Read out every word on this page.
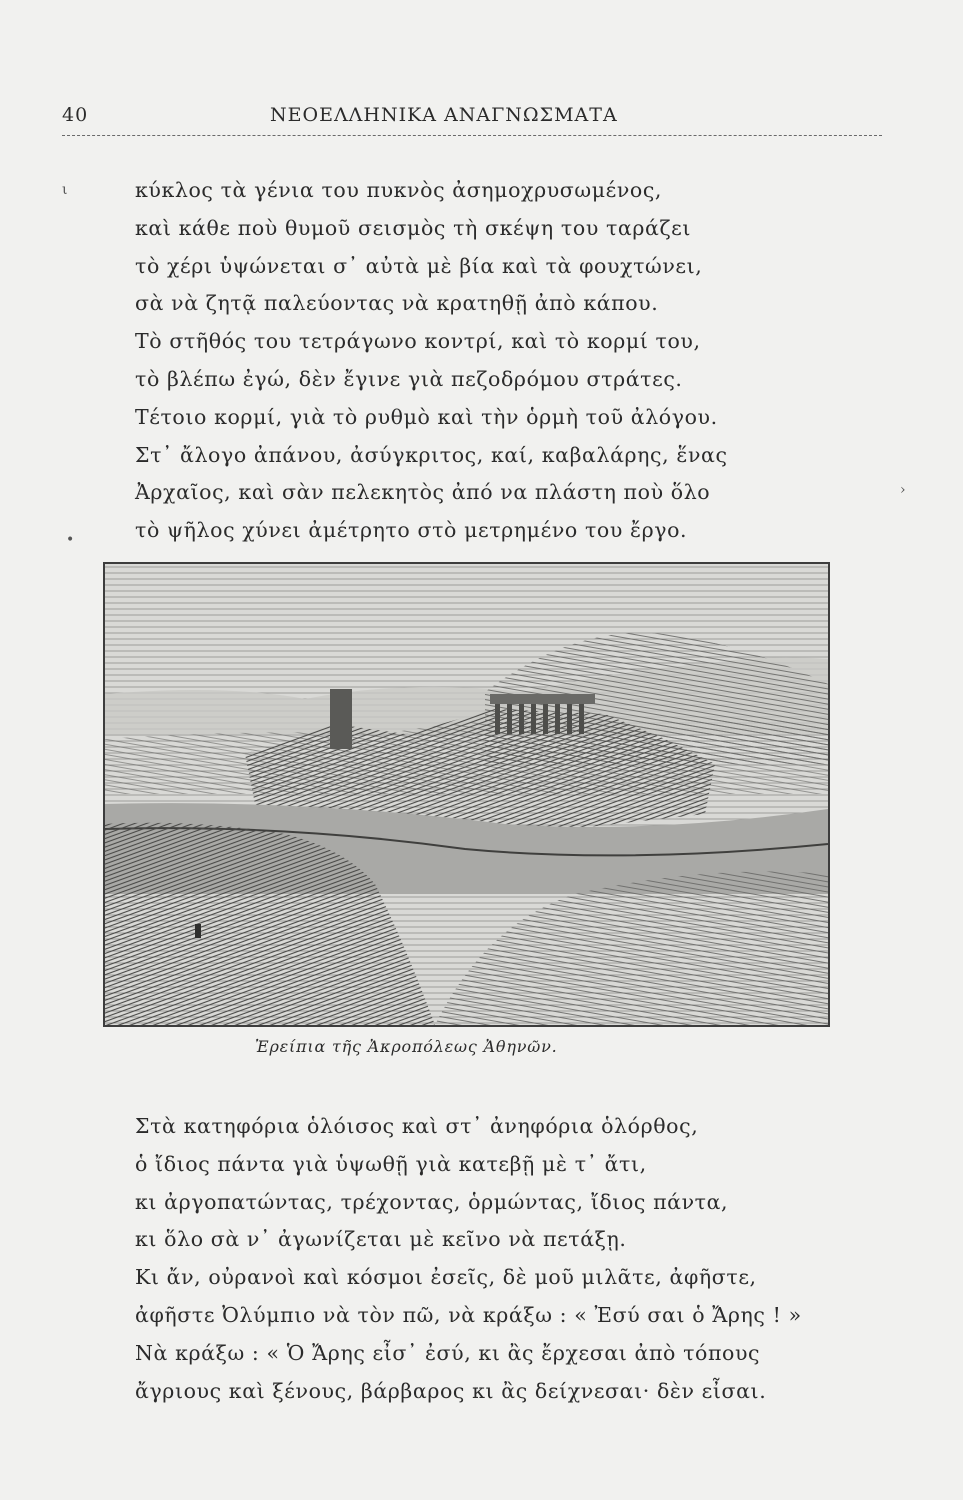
40	ΝΕΟΕΛΛΗΝΙΚΑ ΑΝΑΓΝΩΣΜΑΤΑ
ι
›
•
κύκλος τὰ γένια του πυκνὸς ἀσημοχρυσωμένος,
καὶ κάθε ποὺ θυμοῦ σεισμὸς τὴ σκέψη του ταράζει
τὸ χέρι ὑψώνεται σ᾽ αὐτὰ μὲ βία καὶ τὰ φουχτώνει,
σὰ νὰ ζητᾷ παλεύοντας νὰ κρατηθῇ ἀπὸ κάπου.
Τὸ στῆθός του τετράγωνο κοντρί, καὶ τὸ κορμί του,
τὸ βλέπω ἐγώ, δὲν ἔγινε γιὰ πεζοδρόμου στράτες.
Τέτοιο κορμί, γιὰ τὸ ρυθμὸ καὶ τὴν ὁρμὴ τοῦ ἀλόγου.
Στ᾽ ἄλογο ἀπάνου, ἀσύγκριτος, καί, καβαλάρης, ἕνας
Ἀρχαῖος, καὶ σὰν πελεκητὸς ἀπό να πλάστη ποὺ ὅλο
τὸ ψῆλος χύνει ἀμέτρητο στὸ μετρημένο του ἔργο.
Ἐρείπια τῆς Ἀκροπόλεως Ἀθηνῶν.
Στὰ κατηφόρια ὁλόισος καὶ στ᾽ ἀνηφόρια ὁλόρθος,
ὁ ἴδιος πάντα γιὰ ὑψωθῇ γιὰ κατεβῇ μὲ τ᾽ ἄτι,
κι ἀργοπατώντας, τρέχοντας, ὁρμώντας, ἴδιος πάντα,
κι ὅλο σὰ ν᾽ ἀγωνίζεται μὲ κεῖνο νὰ πετάξῃ.
Κι ἄν, οὐρανοὶ καὶ κόσμοι ἐσεῖς, δὲ μοῦ μιλᾶτε, ἀφῆστε,
ἀφῆστε Ὀλύμπιο νὰ τὸν πῶ, νὰ κράξω : « Ἐσύ σαι ὁ Ἄρης ! »
Νὰ κράξω : « Ὁ Ἄρης εἶσ᾽ ἐσύ, κι ἂς ἔρχεσαι ἀπὸ τόπους
ἄγριους καὶ ξένους, βάρβαρος κι ἂς δείχνεσαι· δὲν εἶσαι.
